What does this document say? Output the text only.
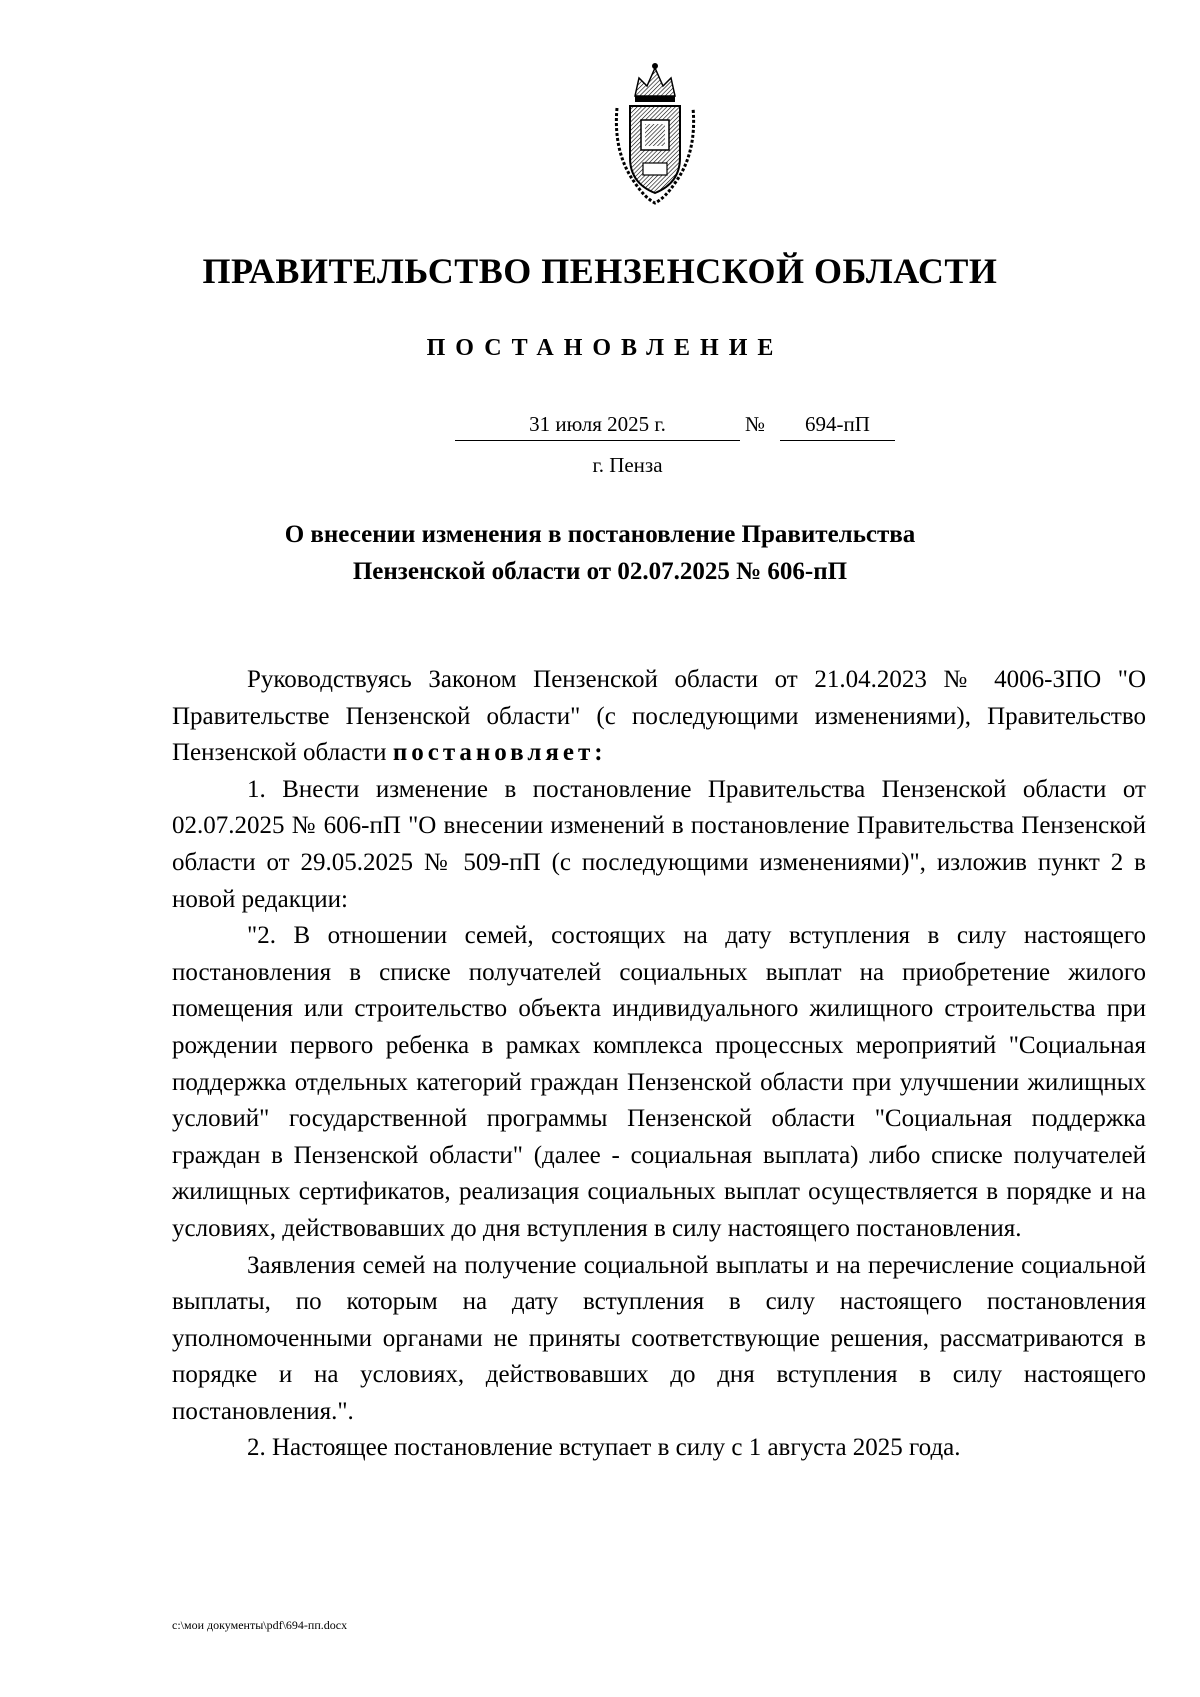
ПРАВИТЕЛЬСТВО ПЕНЗЕНСКОЙ ОБЛАСТИ
ПОСТАНОВЛЕНИЕ
31 июля 2025 г.	№	694-пП
г. Пенза
О внесении изменения в постановление Правительства
Пензенской области от 02.07.2025 № 606-пП

Руководствуясь Законом Пензенской области от 21.04.2023 № 4006-ЗПО "О Правительстве Пензенской области" (с последующими изменениями), Правительство Пензенской области постановляет:

1. Внести изменение в постановление Правительства Пензенской области от 02.07.2025 № 606-пП "О внесении изменений в постановление Правительства Пензенской области от 29.05.2025 № 509-пП (с последующими изменениями)", изложив пункт 2 в новой редакции:

"2. В отношении семей, состоящих на дату вступления в силу настоящего постановления в списке получателей социальных выплат на приобретение жилого помещения или строительство объекта индивидуального жилищного строительства при рождении первого ребенка в рамках комплекса процессных мероприятий "Социальная поддержка отдельных категорий граждан Пензенской области при улучшении жилищных условий" государственной программы Пензенской области "Социальная поддержка граждан в Пензенской области" (далее - социальная выплата) либо списке получателей жилищных сертификатов, реализация социальных выплат осуществляется в порядке и на условиях, действовавших до дня вступления в силу настоящего постановления.

Заявления семей на получение социальной выплаты и на перечисление социальной выплаты, по которым на дату вступления в силу настоящего постановления уполномоченными органами не приняты соответствующие решения, рассматриваются в порядке и на условиях, действовавших до дня вступления в силу настоящего постановления.".

2. Настоящее постановление вступает в силу с 1 августа 2025 года.

c:\мои документы\pdf\694-пп.docx
